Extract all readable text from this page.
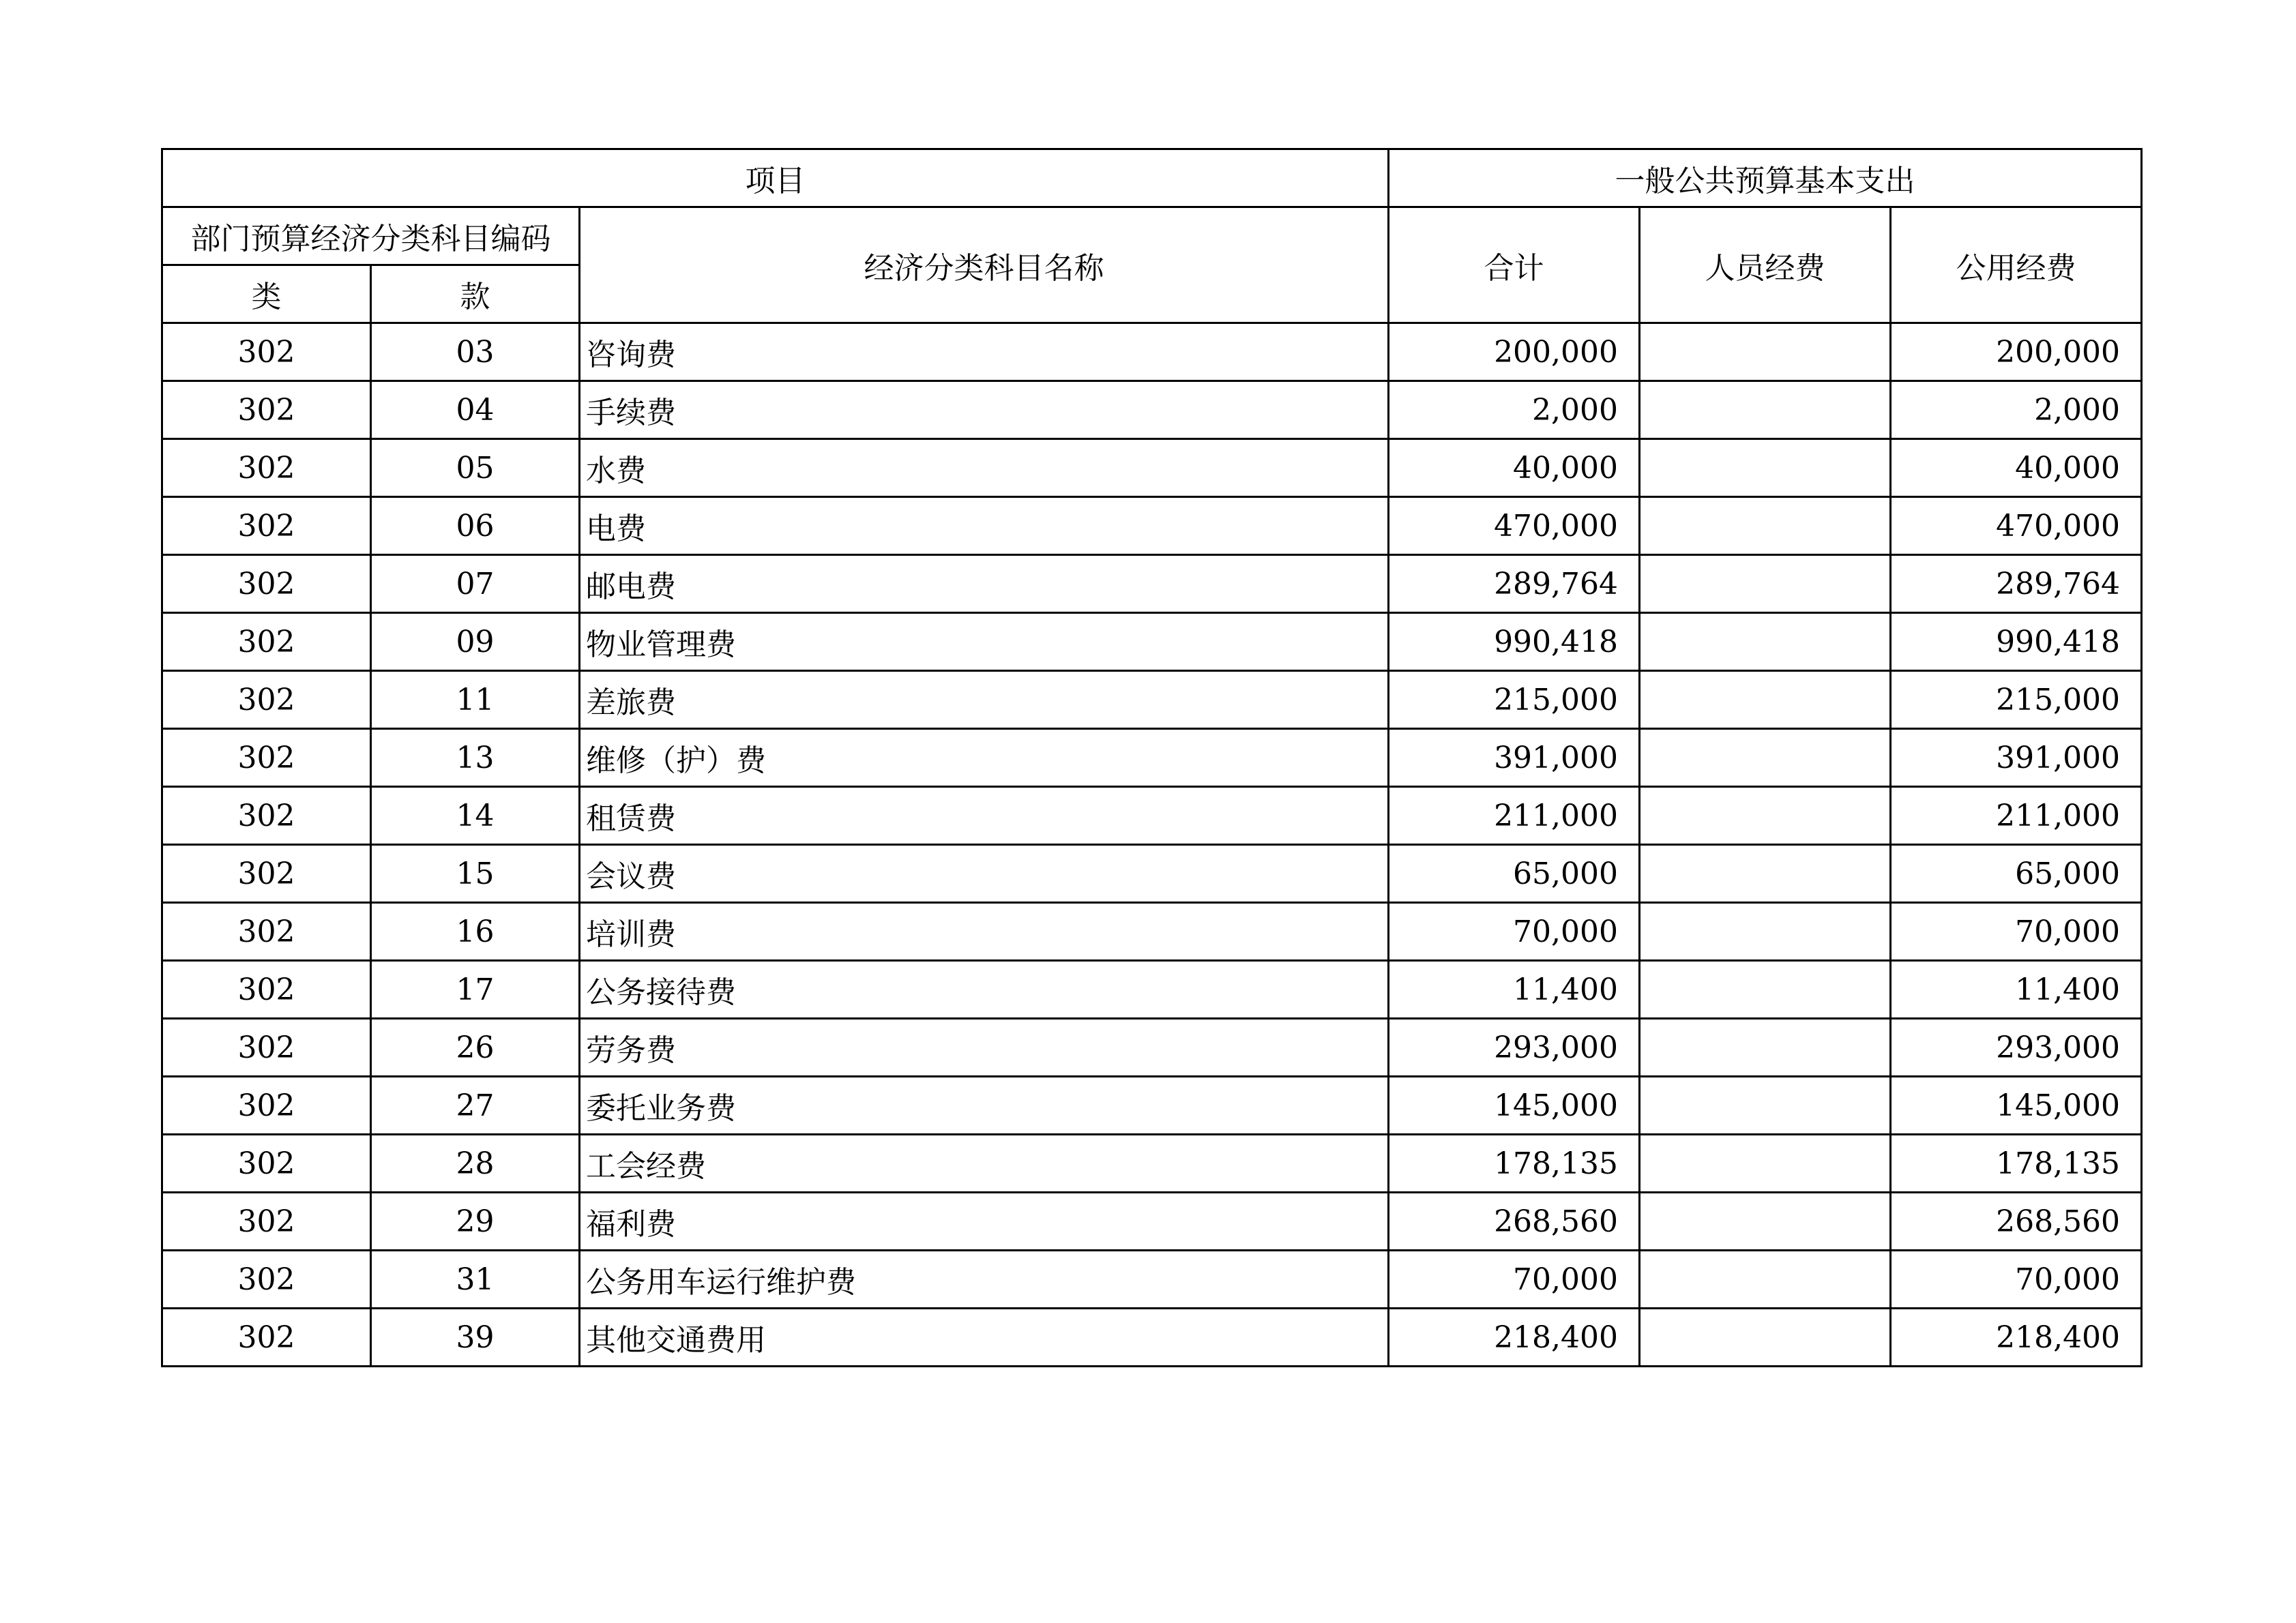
项目			一般公共预算基本支出		
部门预算经济分类科目编码		经济分类科目名称	合计	人员经费	公用经费
类	款				
302	03	咨询费	200,000		200,000
302	04	手续费	2,000		2,000
302	05	水费	40,000		40,000
302	06	电费	470,000		470,000
302	07	邮电费	289,764		289,764
302	09	物业管理费	990,418		990,418
302	11	差旅费	215,000		215,000
302	13	维修（护）费	391,000		391,000
302	14	租赁费	211,000		211,000
302	15	会议费	65,000		65,000
302	16	培训费	70,000		70,000
302	17	公务接待费	11,400		11,400
302	26	劳务费	293,000		293,000
302	27	委托业务费	145,000		145,000
302	28	工会经费	178,135		178,135
302	29	福利费	268,560		268,560
302	31	公务用车运行维护费	70,000		70,000
302	39	其他交通费用	218,400		218,400
